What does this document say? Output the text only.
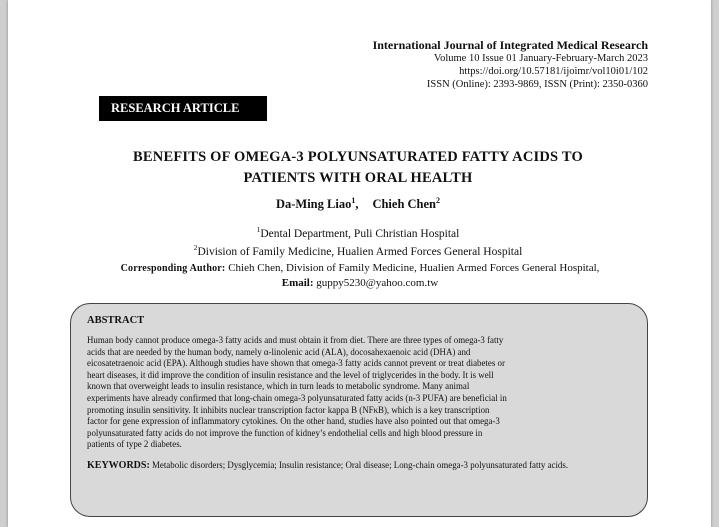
International Journal of Integrated Medical Research
Volume 10 Issue 01 January-February-March 2023
https://doi.org/10.57181/ijoimr/vol10i01/102
ISSN (Online): 2393-9869, ISSN (Print): 2350-0360
RESEARCH ARTICLE
BENEFITS OF OMEGA-3 POLYUNSATURATED FATTY ACIDS TO
PATIENTS WITH ORAL HEALTH
Da-Ming Liao$^1$, Chieh Chen$^2$
$^1$Dental Department, Puli Christian Hospital
$^2$Division of Family Medicine, Hualien Armed Forces General Hospital
Corresponding Author: Chieh Chen, Division of Family Medicine, Hualien Armed Forces General Hospital,
Email: guppy5230@yahoo.com.tw
ABSTRACT
Human body cannot produce omega-3 fatty acids and must obtain it from diet. There are three types of omega-3 fatty
acids that are needed by the human body, namely α-linolenic acid (ALA), docosahexaenoic acid (DHA) and
eicosatetraenoic acid (EPA). Although studies have shown that omega-3 fatty acids cannot prevent or treat diabetes or
heart diseases, it did improve the condition of insulin resistance and the level of triglycerides in the body. It is well
known that overweight leads to insulin resistance, which in turn leads to metabolic syndrome. Many animal
experiments have already confirmed that long-chain omega-3 polyunsaturated fatty acids (n-3 PUFA) are beneficial in
promoting insulin sensitivity. It inhibits nuclear transcription factor kappa B (NFκB), which is a key transcription
factor for gene expression of inflammatory cytokines. On the other hand, studies have also pointed out that omega-3
polyunsaturated fatty acids do not improve the function of kidney’s endothelial cells and high blood pressure in
patients of type 2 diabetes.
KEYWORDS: Metabolic disorders; Dysglycemia; Insulin resistance; Oral disease; Long-chain omega-3 polyunsaturated fatty acids.
